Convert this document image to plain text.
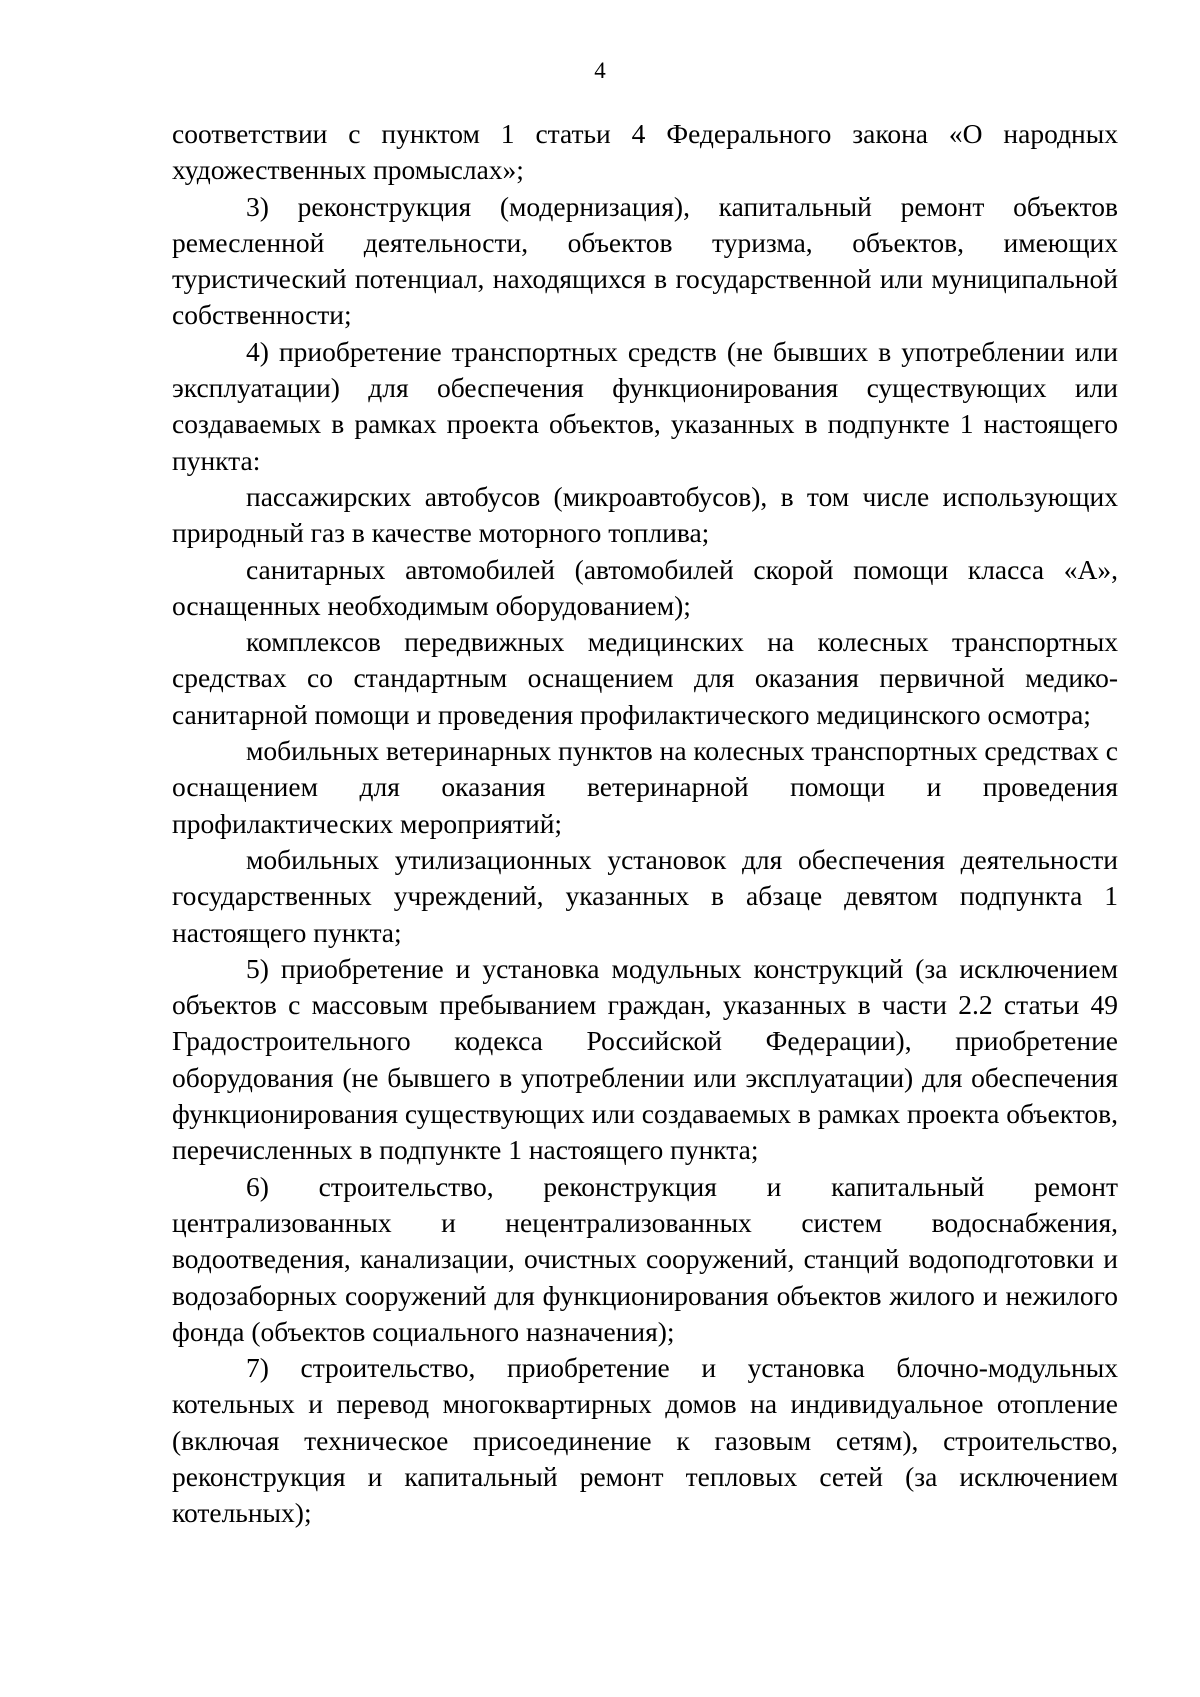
4

соответствии с пунктом 1 статьи 4 Федерального закона «О народных художественных промыслах»;

3) реконструкция (модернизация), капитальный ремонт объектов ремесленной деятельности, объектов туризма, объектов, имеющих туристический потенциал, находящихся в государственной или муниципальной собственности;

4) приобретение транспортных средств (не бывших в употреблении или эксплуатации) для обеспечения функционирования существующих или создаваемых в рамках проекта объектов, указанных в подпункте 1 настоящего пункта:

пассажирских автобусов (микроавтобусов), в том числе использующих природный газ в качестве моторного топлива;

санитарных автомобилей (автомобилей скорой помощи класса «А», оснащенных необходимым оборудованием);

комплексов передвижных медицинских на колесных транспортных средствах со стандартным оснащением для оказания первичной медико-санитарной помощи и проведения профилактического медицинского осмотра;

мобильных ветеринарных пунктов на колесных транспортных средствах с оснащением для оказания ветеринарной помощи и проведения профилактических мероприятий;

мобильных утилизационных установок для обеспечения деятельности государственных учреждений, указанных в абзаце девятом подпункта 1 настоящего пункта;

5) приобретение и установка модульных конструкций (за исключением объектов с массовым пребыванием граждан, указанных в части 2.2 статьи 49 Градостроительного кодекса Российской Федерации), приобретение оборудования (не бывшего в употреблении или эксплуатации) для обеспечения функционирования существующих или создаваемых в рамках проекта объектов, перечисленных в подпункте 1 настоящего пункта;

6) строительство, реконструкция и капитальный ремонт централизованных и нецентрализованных систем водоснабжения, водоотведения, канализации, очистных сооружений, станций водоподготовки и водозаборных сооружений для функционирования объектов жилого и нежилого фонда (объектов социального назначения);

7) строительство, приобретение и установка блочно-модульных котельных и перевод многоквартирных домов на индивидуальное отопление (включая техническое присоединение к газовым сетям), строительство, реконструкция и капитальный ремонт тепловых сетей (за исключением котельных);
